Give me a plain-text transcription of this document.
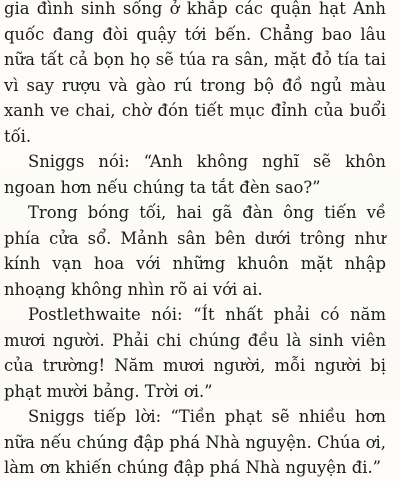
gia đình sinh sống ở khắp các quận hạt Anh quốc đang đòi quậy tới bến. Chẳng bao lâu nữa tất cả bọn họ sẽ túa ra sân, mặt đỏ tía tai vì say rượu và gào rú trong bộ đồ ngủ màu xanh ve chai, chờ đón tiết mục đỉnh của buổi tối.

Sniggs nói: “Anh không nghĩ sẽ khôn ngoan hơn nếu chúng ta tắt đèn sao?”

Trong bóng tối, hai gã đàn ông tiến về phía cửa sổ. Mảnh sân bên dưới trông như kính vạn hoa với những khuôn mặt nhập nhoạng không nhìn rõ ai với ai.

Postlethwaite nói: “Ít nhất phải có năm mươi người. Phải chi chúng đều là sinh viên của trường! Năm mươi người, mỗi người bị phạt mười bảng. Trời ơi.”

Sniggs tiếp lời: “Tiền phạt sẽ nhiều hơn nữa nếu chúng đập phá Nhà nguyện. Chúa ơi, làm ơn khiến chúng đập phá Nhà nguyện đi.”
